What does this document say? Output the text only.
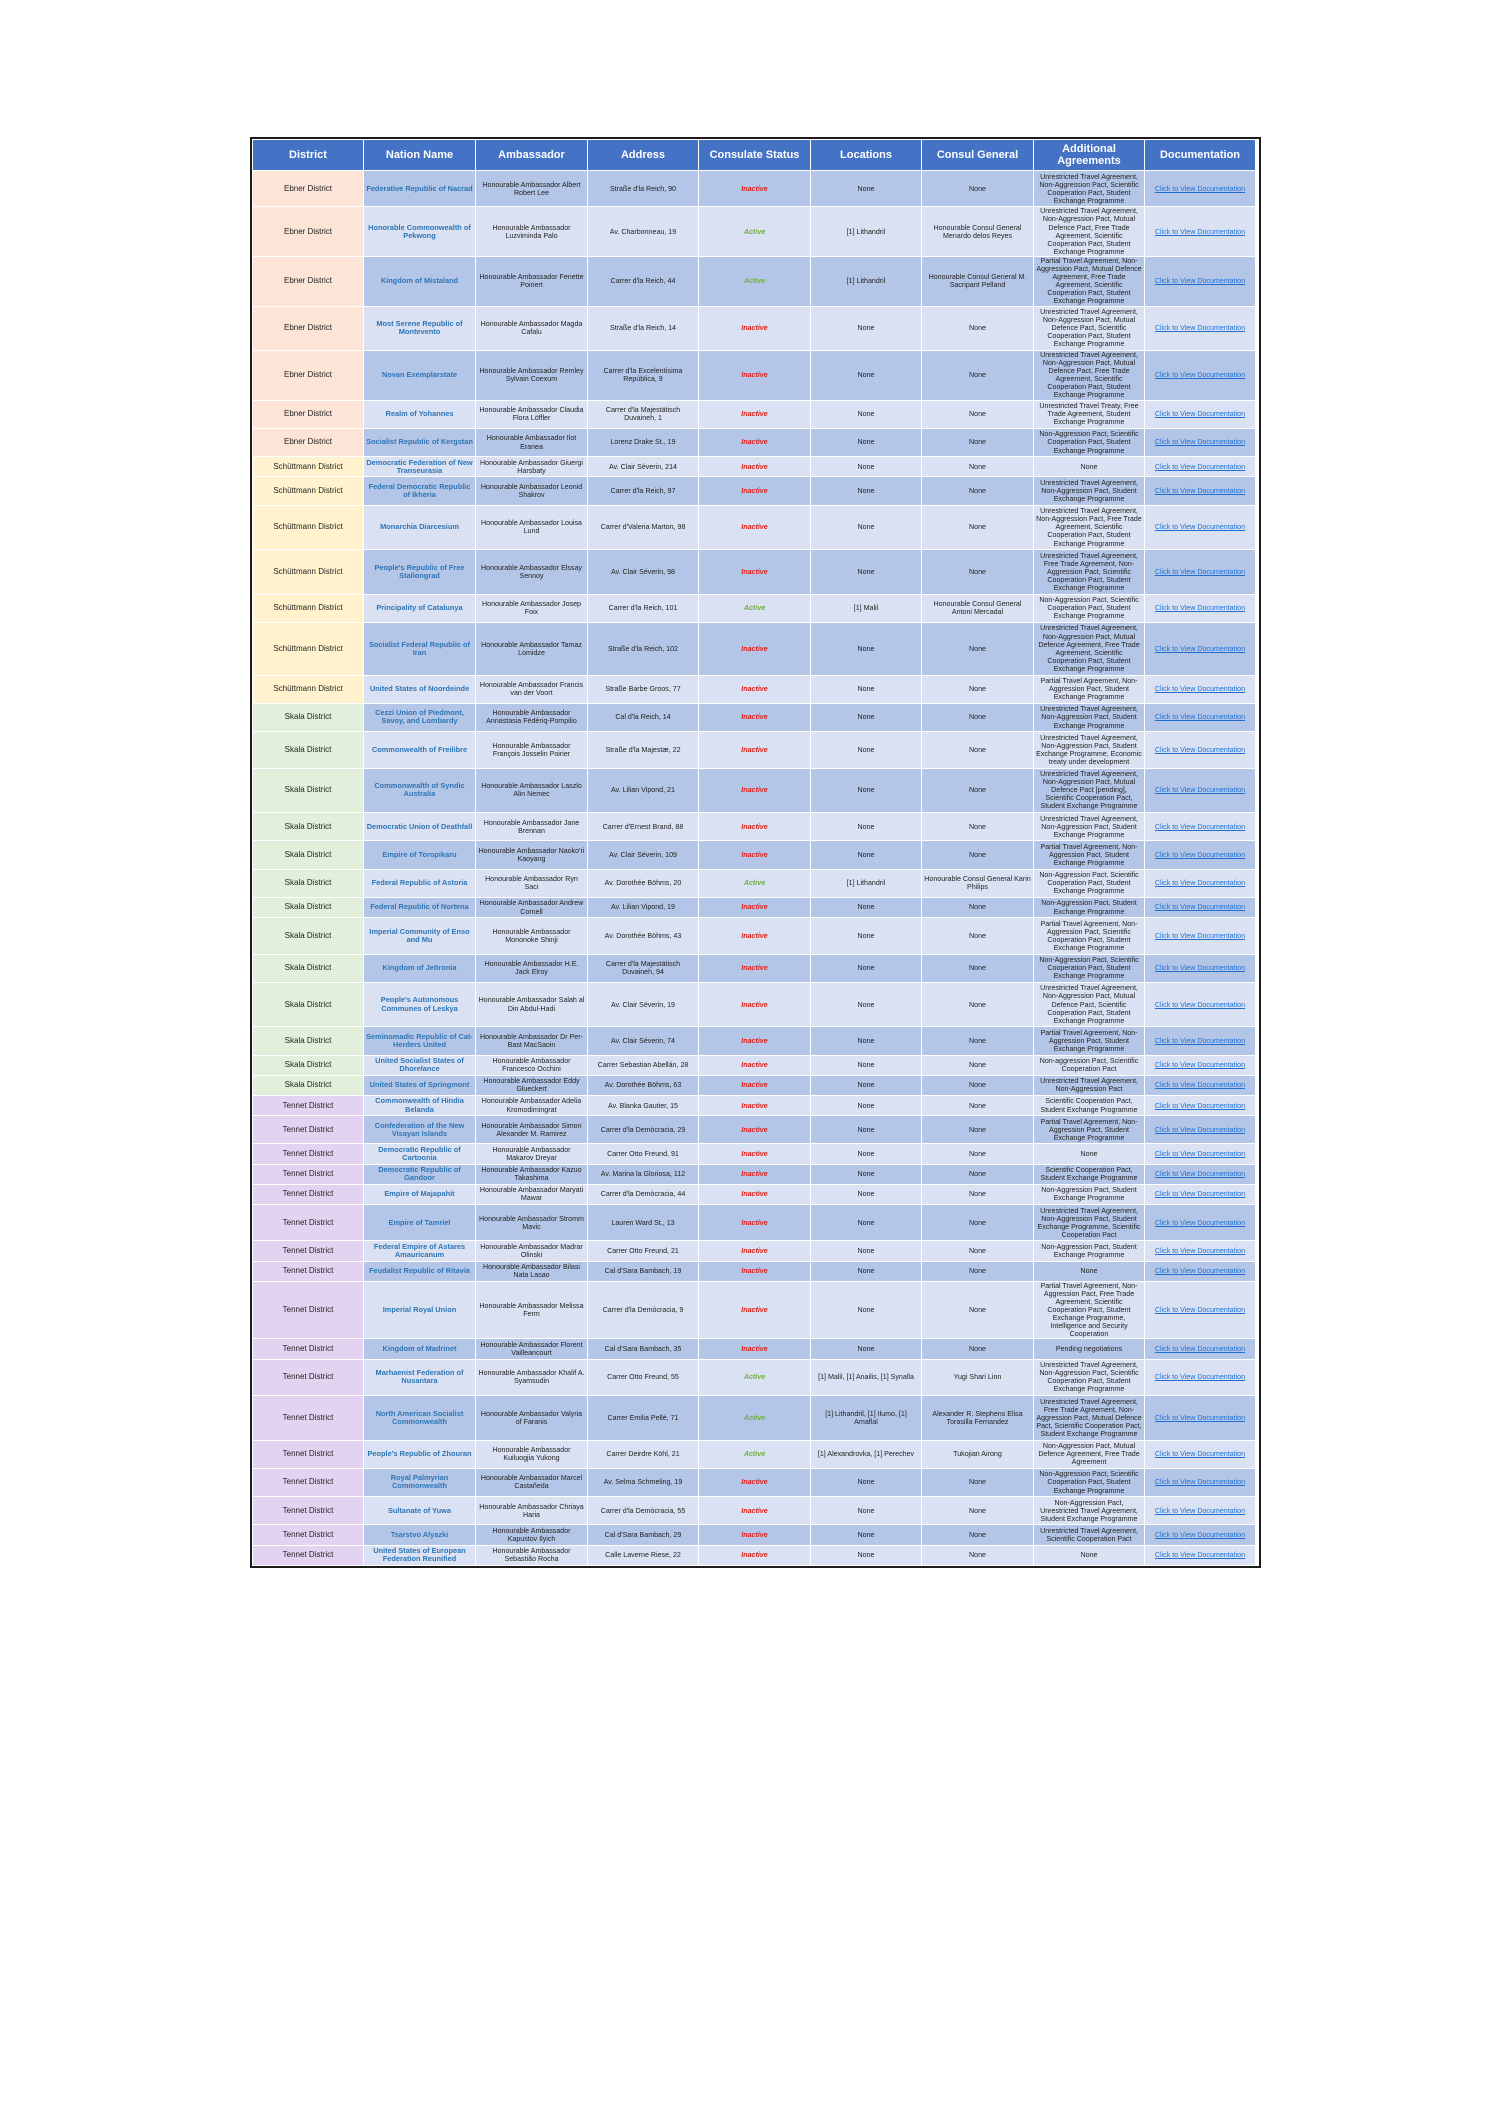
District	Nation Name	Ambassador	Address	Consulate Status	Locations	Consul General	Additional Agreements	Documentation
Ebner District	Federative Republic of Nacrad	Honourable Ambassador Albert Robert Lee	Straße d'la Reich, 90	Inactive	None	None	Unrestricted Travel Agreement, Non-Aggression Pact, Scientific Cooperation Pact, Student Exchange Programme	Click to View Documentation
Ebner District	Honorable Commonwealth of Pekwong	Honourable Ambassador Luzviminda Palo	Av. Charbonneau, 19	Active	[1] Lithandril	Honourable Consul General Menardo delos Reyes	Unrestricted Travel Agreement, Non-Aggression Pact, Mutual Defence Pact, Free Trade Agreement, Scientific Cooperation Pact, Student Exchange Programme	Click to View Documentation
Ebner District	Kingdom of Mistaland	Honourable Ambassador Fenette Poiriert	Carrer d'la Reich, 44	Active	[1] Lithandril	Honourable Consul General M. Sacripant Pelland	Partial Travel Agreement, Non-Aggression Pact, Mutual Defence Agreement, Free Trade Agreement, Scientific Cooperation Pact, Student Exchange Programme	Click to View Documentation
Ebner District	Most Serene Republic of Montevento	Honourable Ambassador Magda Cafalu	Straße d'la Reich, 14	Inactive	None	None	Unrestricted Travel Agreement, Non-Aggression Pact, Mutual Defence Pact, Scientific Cooperation Pact, Student Exchange Programme	Click to View Documentation
Ebner District	Novan Exemplarstate	Honourable Ambassador Remley Sylvain Coexum	Carrer d'la Excelentísima República, 9	Inactive	None	None	Unrestricted Travel Agreement, Non-Aggression Pact, Mutual Defence Pact, Free Trade Agreement, Scientific Cooperation Pact, Student Exchange Programme	Click to View Documentation
Ebner District	Realm of Yohannes	Honourable Ambassador Claudia Flora Löffler	Carrer d'la Majestätisch Duvaineh, 1	Inactive	None	None	Unrestricted Travel Treaty, Free Trade Agreement, Student Exchange Programme	Click to View Documentation
Ebner District	Socialist Republic of Kergstan	Honourable Ambassador Ilot Eranea	Lorenz Drake St., 19	Inactive	None	None	Non-Aggression Pact, Scientific Cooperation Pact, Student Exchange Programme	Click to View Documentation
Schüttmann District	Democratic Federation of New Transeurasia	Honourable Ambassador Giuergi Harsbaty	Av. Clair Séverin, 214	Inactive	None	None	None	Click to View Documentation
Schüttmann District	Federal Democratic Republic of Ikheria	Honourable Ambassador Leonid Shakrov	Carrer d'la Reich, 97	Inactive	None	None	Unrestricted Travel Agreement, Non-Aggression Pact, Student Exchange Programme	Click to View Documentation
Schüttmann District	Monarchia Diarcesium	Honourable Ambassador Louisa Lund	Carrer d'Valeria Marton, 98	Inactive	None	None	Unrestricted Travel Agreement, Non-Aggression Pact, Free Trade Agreement, Scientific Cooperation Pact, Student Exchange Programme	Click to View Documentation
Schüttmann District	People's Republic of Free Stallongrad	Honourable Ambassador Elssay Sennoy	Av. Clair Séverin, 98	Inactive	None	None	Unrestricted Travel Agreement, Free Trade Agreement, Non-Aggression Pact, Scientific Cooperation Pact, Student Exchange Programme	Click to View Documentation
Schüttmann District	Principality of Catalunya	Honourable Ambassador Josep Foix	Carrer d'la Reich, 101	Active	[1] Malil	Honourable Consul General Antoni Mercadal	Non-Aggression Pact, Scientific Cooperation Pact, Student Exchange Programme	Click to View Documentation
Schüttmann District	Socialist Federal Republic of Iran	Honourable Ambassador Tamaz Lomidze	Straße d'la Reich, 102	Inactive	None	None	Unrestricted Travel Agreement, Non-Aggression Pact, Mutual Defence Agreement, Free Trade Agreement, Scientific Cooperation Pact, Student Exchange Programme	Click to View Documentation
Schüttmann District	United States of Noordeinde	Honourable Ambassador Francis van der Voort	Straße Barbe Groos, 77	Inactive	None	None	Partial Travel Agreement, Non-Aggression Pact, Student Exchange Programme	Click to View Documentation
Skala District	Cezzi Union of Piedmont, Savoy, and Lombardy	Honourable Ambassador Annastasia Fédériq-Pompilio	Cal d'la Reich, 14	Inactive	None	None	Unrestricted Travel Agreement, Non-Aggression Pact, Student Exchange Programme	Click to View Documentation
Skala District	Commonwealth of Freilibre	Honourable Ambassador François Josselin Poirier	Straße d'la Majestæ, 22	Inactive	None	None	Unrestricted Travel Agreement, Non-Aggression Pact, Student Exchange Programme, Economic treaty under development	Click to View Documentation
Skala District	Commonwealth of Syndic Australia	Honourable Ambassador Laszlo Alin Nemec	Av. Lilian Vipond, 21	Inactive	None	None	Unrestricted Travel Agreement, Non-Aggression Pact, Mutual Defence Pact [pending], Scientific Cooperation Pact, Student Exchange Programme	Click to View Documentation
Skala District	Democratic Union of Deathfall	Honourable Ambassador Jane Brennan	Carrer d'Ernest Brand, 88	Inactive	None	None	Unrestricted Travel Agreement, Non-Aggression Pact, Student Exchange Programme	Click to View Documentation
Skala District	Empire of Toropikaru	Honourable Ambassador Naoko'ri Kaoyang	Av. Clair Séverin, 109	Inactive	None	None	Partial Travel Agreement, Non-Aggression Pact, Student Exchange Programme	Click to View Documentation
Skala District	Federal Republic of Astoria	Honourable Ambassador Ryn Saci	Av. Dorothée Böhms, 20	Active	[1] Lithandril	Honourable Consul General Karin Philips	Non-Aggression Pact, Scientific Cooperation Pact, Student Exchange Programme	Click to View Documentation
Skala District	Federal Republic of Nortena	Honourable Ambassador Andrew Cornell	Av. Lilian Vipond, 19	Inactive	None	None	Non-Aggression Pact, Student Exchange Programme	Click to View Documentation
Skala District	Imperial Community of Enso and Mu	Honourable Ambassador Mononoke Shinji	Av. Dorothée Böhms, 43	Inactive	None	None	Partial Travel Agreement, Non-Aggression Pact, Scientific Cooperation Pact, Student Exchange Programme	Click to View Documentation
Skala District	Kingdom of Jeltronia	Honourable Ambassador H.E. Jack Elroy	Carrer d'la Majestätisch Duvaineh, 94	Inactive	None	None	Non-Aggression Pact, Scientific Cooperation Pact, Student Exchange Programme	Click to View Documentation
Skala District	People's Autonomous Communes of Leskya	Honourable Ambassador Salah al Din Abdul-Hadi	Av. Clair Séverin, 19	Inactive	None	None	Unrestricted Travel Agreement, Non-Aggression Pact, Mutual Defence Pact, Scientific Cooperation Pact, Student Exchange Programme	Click to View Documentation
Skala District	Seminomadic Republic of Cat-Herders United	Honourable Ambassador Dr Per-Bast MacSaoin	Av. Clair Séverin, 74	Inactive	None	None	Partial Travel Agreement, Non-Aggression Pact, Student Exchange Programme	Click to View Documentation
Skala District	United Socialist States of Dhorelance	Honourable Ambassador Francesco Occhini	Carrer Sebastian Abellán, 28	Inactive	None	None	Non-aggression Pact, Scientific Cooperation Pact	Click to View Documentation
Skala District	United States of Springmont	Honourable Ambassador Eddy Glueckert	Av. Dorothée Böhms, 63	Inactive	None	None	Unrestricted Travel Agreement, Non-Aggression Pact	Click to View Documentation
Tennet District	Commonwealth of Hindia Belanda	Honourable Ambassador Adelia Kromodimingrat	Av. Blanka Gautier, 15	Inactive	None	None	Scientific Cooperation Pact, Student Exchange Programme	Click to View Documentation
Tennet District	Confederation of the New Visayan Islands	Honourable Ambassador Simon Alexander M. Ramirez	Carrer d'la Demòcracia, 29	Inactive	None	None	Partial Travel Agreement, Non-Aggression Pact, Student Exchange Programme	Click to View Documentation
Tennet District	Democratic Republic of Cartoonia	Honourable Ambassador Makarov Dreyar	Carrer Otto Freund, 91	Inactive	None	None	None	Click to View Documentation
Tennet District	Democratic Republic of Gandoor	Honourable Ambassador Kazuo Takashima	Av. Marina la Gloriosa, 112	Inactive	None	None	Scientific Cooperation Pact, Student Exchange Programme	Click to View Documentation
Tennet District	Empire of Majapahit	Honourable Ambassador Maryati Mawar	Carrer d'la Demòcracia, 44	Inactive	None	None	Non-Aggression Pact, Student Exchange Programme	Click to View Documentation
Tennet District	Empire of Tamriel	Honourable Ambassador Stromm Mavic	Lauren Ward St., 13	Inactive	None	None	Unrestricted Travel Agreement, Non-Aggression Pact, Student Exchange Programme, Scientific Cooperation Pact	Click to View Documentation
Tennet District	Federal Empire of Astares Amauricanum	Honourable Ambassador Madrar Olinski	Carrer Otto Freund, 21	Inactive	None	None	Non-Aggression Pact, Student Exchange Programme	Click to View Documentation
Tennet District	Feudalist Republic of Ritavia	Honourable Ambassador Bilasi Nata Lasao	Cal d'Sara Bambach, 19	Inactive	None	None	None	Click to View Documentation
Tennet District	Imperial Royal Union	Honourable Ambassador Melissa Ferm	Carrer d'la Demòcracia, 9	Inactive	None	None	Partial Travel Agreement, Non-Aggression Pact, Free Trade Agreement, Scientific Cooperation Pact, Student Exchange Programme, Intelligence and Security Cooperation	Click to View Documentation
Tennet District	Kingdom of Madrinet	Honourable Ambassador Florent Vailleancourt	Cal d'Sara Bambach, 35	Inactive	None	None	Pending negotiations	Click to View Documentation
Tennet District	Marhaenist Federation of Nusantara	Honourable Ambassador Khalif A. Syamsudin	Carrer Otto Freund, 55	Active	[1] Malil, [1] Anailis, [1] Synalla	Yugi Shari Linn	Unrestricted Travel Agreement, Non-Aggression Pact, Scientific Cooperation Pact, Student Exchange Programme	Click to View Documentation
Tennet District	North American Socialist Commonwealth	Honourable Ambassador Valyria of Faranis	Carrer Emilia Pellé, 71	Active	[1] Lithandril, [1] Ilumo, [1] Amaflal	Alexander R. Stephens Elisa Torasilla Fernandez	Unrestricted Travel Agreement, Free Trade Agreement, Non-Aggression Pact, Mutual Defence Pact, Scientific Cooperation Pact, Student Exchange Programme	Click to View Documentation
Tennet District	People's Republic of Zhouran	Honourable Ambassador Kuiluogjia Yukong	Carrer Deirdre Köhl, 21	Active	[1] Alexandrovka, [1] Perechev	Tukojian Airong	Non-Aggression Pact, Mutual Defence Agreement, Free Trade Agreement	Click to View Documentation
Tennet District	Royal Palmyrian Commonwealth	Honourable Ambassador Marcel Castañeda	Av. Selma Schmeling, 19	Inactive	None	None	Non-Aggression Pact, Scientific Cooperation Pact, Student Exchange Programme	Click to View Documentation
Tennet District	Sultanate of Yuwa	Honourable Ambassador Chriaya Haria	Carrer d'la Demòcracia, 55	Inactive	None	None	Non-Aggression Pact, Unrestricted Travel Agreement, Student Exchange Programme	Click to View Documentation
Tennet District	Tsarstvo Alyazki	Honourable Ambassador Kapustov Ilyich	Cal d'Sara Bambach, 29	Inactive	None	None	Unrestricted Travel Agreement, Scientific Cooperation Pact	Click to View Documentation
Tennet District	United States of European Federation Reunified	Honourable Ambassador Sebastião Rocha	Calle Laverne Riese, 22	Inactive	None	None	None	Click to View Documentation
